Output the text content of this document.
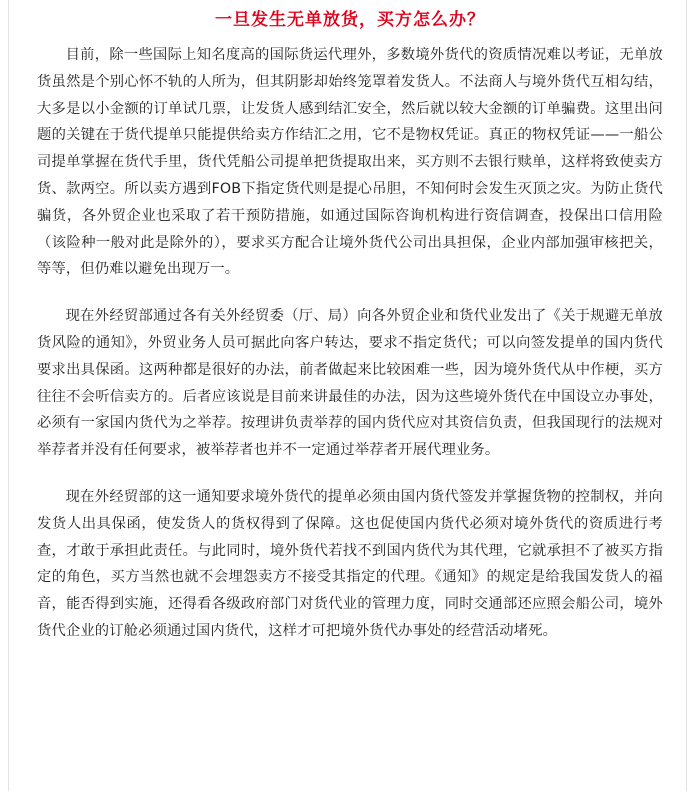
一旦发生无单放货，买方怎么办？

目前，除一些国际上知名度高的国际货运代理外，多数境外货代的资质情况难以考证，无单放货虽然是个别心怀不轨的人所为，但其阴影却始终笼罩着发货人。不法商人与境外货代互相勾结，大多是以小金额的订单试几票，让发货人感到结汇安全，然后就以较大金额的订单骗费。这里出问题的关键在于货代提单只能提供给卖方作结汇之用，它不是物权凭证。真正的物权凭证——一船公司提单掌握在货代手里，货代凭船公司提单把货提取出来，买方则不去银行赎单，这样将致使卖方货、款两空。所以卖方遇到FOB下指定货代则是提心吊胆，不知何时会发生灭顶之灾。为防止货代骗货，各外贸企业也采取了若干预防措施，如通过国际咨询机构进行资信调查，投保出口信用险（该险种一般对此是除外的），要求买方配合让境外货代公司出具担保，企业内部加强审核把关，等等，但仍难以避免出现万一。

现在外经贸部通过各有关外经贸委（厅、局）向各外贸企业和货代业发出了《关于规避无单放货风险的通知》，外贸业务人员可据此向客户转达，要求不指定货代；可以向签发提单的国内货代要求出具保函。这两种都是很好的办法，前者做起来比较困难一些，因为境外货代从中作梗，买方往往不会听信卖方的。后者应该说是目前来讲最佳的办法，因为这些境外货代在中国设立办事处，必须有一家国内货代为之举荐。按理讲负责举荐的国内货代应对其资信负责，但我国现行的法规对举荐者并没有任何要求，被举荐者也并不一定通过举荐者开展代理业务。

现在外经贸部的这一通知要求境外货代的提单必须由国内货代签发并掌握货物的控制权，并向发货人出具保函，使发货人的货权得到了保障。这也促使国内货代必须对境外货代的资质进行考查，才敢于承担此责任。与此同时，境外货代若找不到国内货代为其代理，它就承担不了被买方指定的角色，买方当然也就不会埋怨卖方不接受其指定的代理。《通知》的规定是给我国发货人的福音，能否得到实施，还得看各级政府部门对货代业的管理力度，同时交通部还应照会船公司，境外货代企业的订舱必须通过国内货代，这样才可把境外货代办事处的经营活动堵死。
